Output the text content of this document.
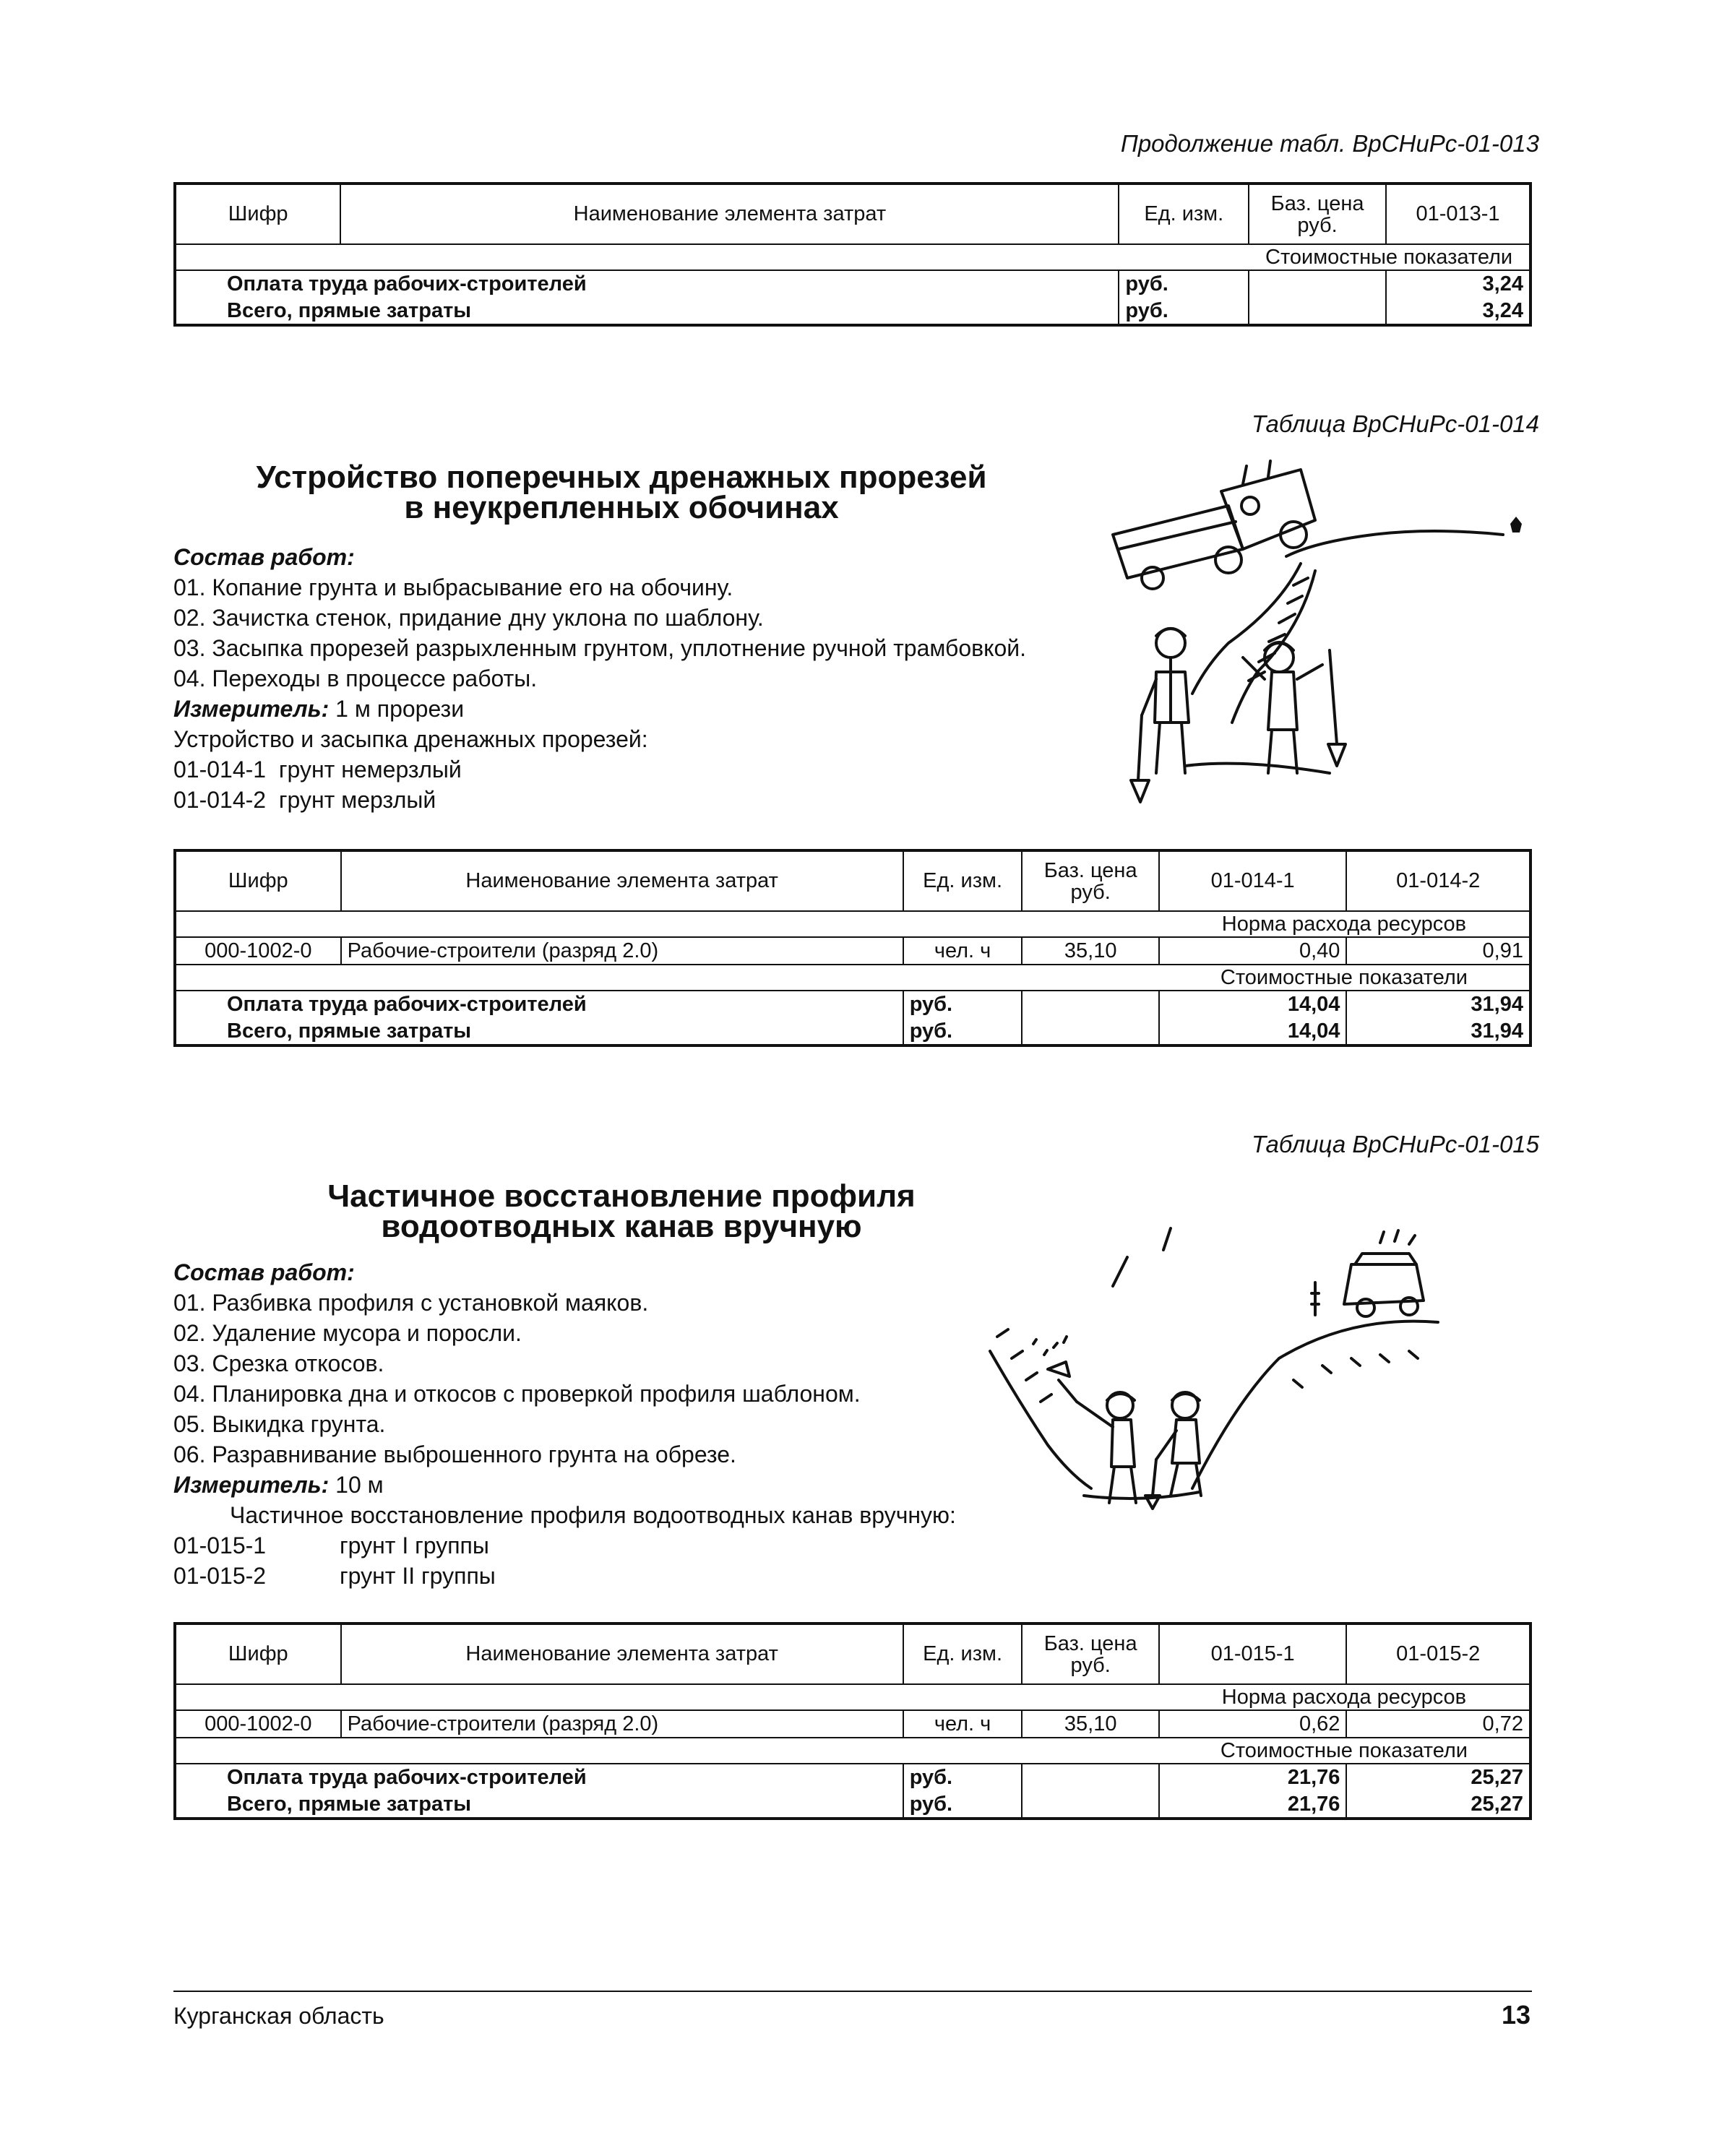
Продолжение табл. ВрСНиРс-01-013
Шифр	Наименование элемента затрат	Ед. изм.	Баз. цена руб.	01-013-1
			Стоимостные показатели	
Оплата труда рабочих-строителей		руб.		3,24
Всего, прямые затраты		руб.		3,24
Таблица ВрСНиРс-01-014
Устройство поперечных дренажных прорезей
в неукрепленных обочинах
Состав работ:
01. Копание грунта и выбрасывание его на обочину.
02. Зачистка стенок, придание дну уклона по шаблону.
03. Засыпка прорезей разрыхленным грунтом, уплотнение ручной трамбовкой.
04. Переходы в процессе работы.
Измеритель: 1 м прорези
Устройство и засыпка дренажных прорезей:
01-014-1 грунт немерзлый
01-014-2 грунт мерзлый
Шифр	Наименование элемента затрат	Ед. изм.	Баз. цена руб.	01-014-1	01-014-2
				Норма расхода ресурсов	
000-1002-0	Рабочие-строители (разряд 2.0)	чел. ч	35,10	0,40	0,91
				Стоимостные показатели	
Оплата труда рабочих-строителей		руб.		14,04	31,94
Всего, прямые затраты		руб.		14,04	31,94
Таблица ВрСНиРс-01-015
Частичное восстановление профиля
водоотводных канав вручную
Состав работ:
01. Разбивка профиля с установкой маяков.
02. Удаление мусора и поросли.
03. Срезка откосов.
04. Планировка дна и откосов с проверкой профиля шаблоном.
05. Выкидка грунта.
06. Разравнивание выброшенного грунта на обрезе.
Измеритель: 10 м
Частичное восстановление профиля водоотводных канав вручную:
01-015-1	грунт I группы
01-015-2	грунт II группы
Шифр	Наименование элемента затрат	Ед. изм.	Баз. цена руб.	01-015-1	01-015-2
				Норма расхода ресурсов	
000-1002-0	Рабочие-строители (разряд 2.0)	чел. ч	35,10	0,62	0,72
				Стоимостные показатели	
Оплата труда рабочих-строителей		руб.		21,76	25,27
Всего, прямые затраты		руб.		21,76	25,27
Курганская область	13
